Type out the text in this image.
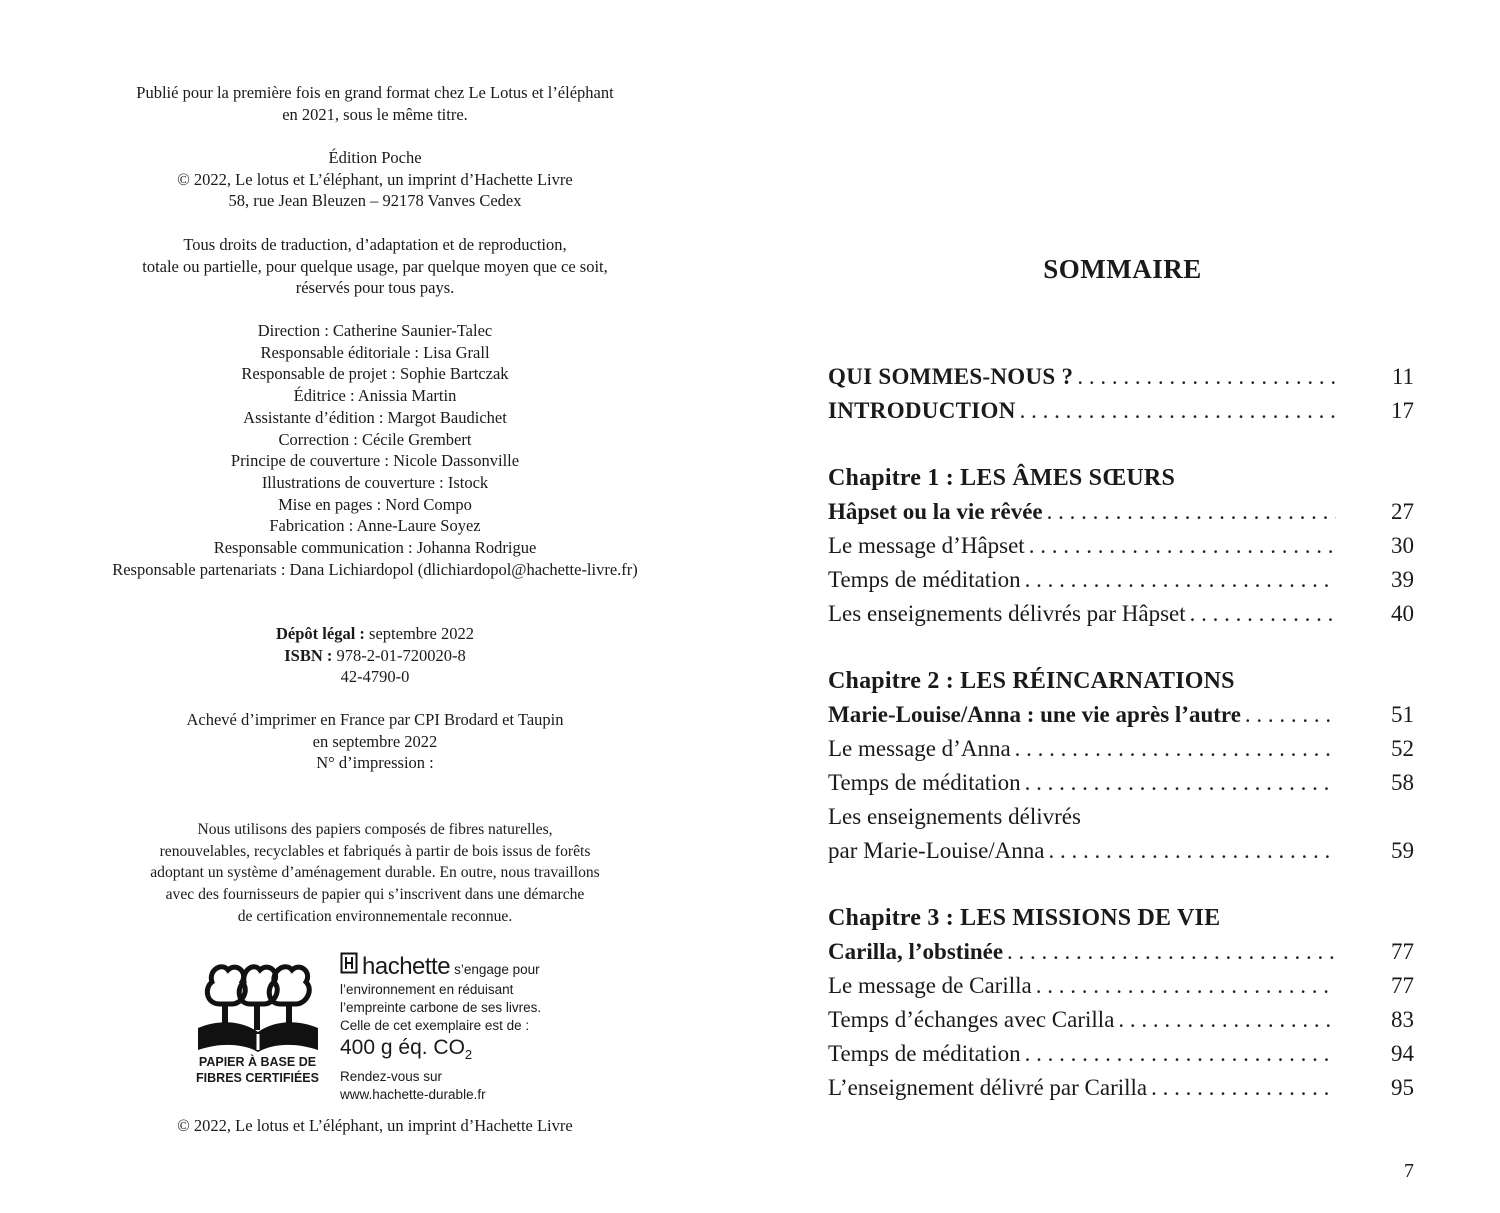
Publié pour la première fois en grand format chez Le Lotus et l’éléphant
en 2021, sous le même titre.
Édition Poche
© 2022, Le lotus et L’éléphant, un imprint d’Hachette Livre
58, rue Jean Bleuzen – 92178 Vanves Cedex
Tous droits de traduction, d’adaptation et de reproduction,
totale ou partielle, pour quelque usage, par quelque moyen que ce soit,
réservés pour tous pays.
Direction : Catherine Saunier-Talec
Responsable éditoriale : Lisa Grall
Responsable de projet : Sophie Bartczak
Éditrice : Anissia Martin
Assistante d’édition : Margot Baudichet
Correction : Cécile Grembert
Principe de couverture : Nicole Dassonville
Illustrations de couverture : Istock
Mise en pages : Nord Compo
Fabrication : Anne-Laure Soyez
Responsable communication : Johanna Rodrigue
Responsable partenariats : Dana Lichiardopol (dlichiardopol@hachette-livre.fr)
Dépôt légal : septembre 2022
ISBN : 978-2-01-720020-8
42-4790-0
Achevé d’imprimer en France par CPI Brodard et Taupin
en septembre 2022
N° d’impression :
Nous utilisons des papiers composés de fibres naturelles,
renouvelables, recyclables et fabriqués à partir de bois issus de forêts
adoptant un système d’aménagement durable. En outre, nous travaillons
avec des fournisseurs de papier qui s’inscrivent dans une démarche
de certification environnementale reconnue.
PAPIER À BASE DE
FIBRES CERTIFIÉES
hachette s’engage pour
l’environnement en réduisant
l’empreinte carbone de ses livres.
Celle de cet exemplaire est de :
400 g éq. $CO_2$
Rendez-vous sur
www.hachette-durable.fr
© 2022, Le lotus et L’éléphant, un imprint d’Hachette Livre
SOMMAIRE
QUI SOMMES-NOUS ? . . .	11
INTRODUCTION . . .	17
Chapitre 1 : LES ÂMES SŒURS
Hâpset ou la vie rêvée . . .	27
Le message d’Hâpset . . .	30
Temps de méditation . . .	39
Les enseignements délivrés par Hâpset . . .	40
Chapitre 2 : LES RÉINCARNATIONS
Marie-Louise/Anna : une vie après l’autre . . .	51
Le message d’Anna . . .	52
Temps de méditation . . .	58
Les enseignements délivrés
par Marie-Louise/Anna . . .	59
Chapitre 3 : LES MISSIONS DE VIE
Carilla, l’obstinée . . .	77
Le message de Carilla . . .	77
Temps d’échanges avec Carilla . . .	83
Temps de méditation . . .	94
L’enseignement délivré par Carilla . . .	95
7
